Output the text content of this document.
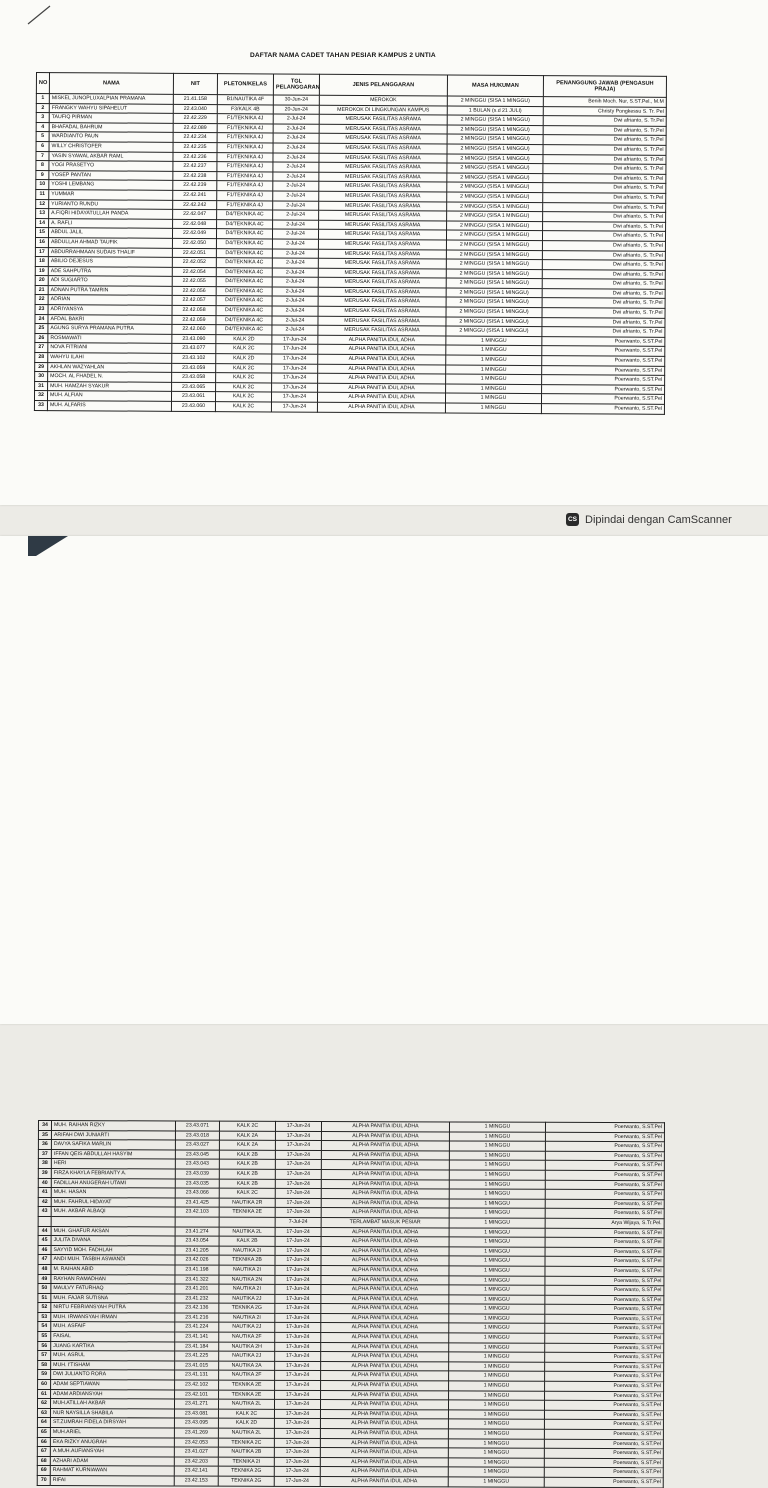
DAFTAR NAMA CADET TAHAN PESIAR KAMPUS 2 UNTIA
NO	NAMA	NIT	PLETON/KELAS	TGL PELANGGARAN	JENIS PELANGGARAN	MASA HUKUMAN	PENANGGUNG JAWAB (PENGASUH PRAJA)
1	MISKEL JUNOPLUXALPIAN PRAMANA	21.41.158	B1/NAUTIKA 4F	30-Jun-24	MEROKOK	2 MINGGU (SISA 1 MINGGU)	Benih Moch. Nur, S.ST.Pel., M.M
2	FRANGKY WAHYU SIPAHELUT	22.43.040	F3/KALK 4B	20-Jun-24	MEROKOK DI LINGKUNGAN KAMPUS	1 BULAN (s.d 21 JULI)	Christy Pongkessu S. Tr. Pel
3	TAUFIQ PIRMAN	22.42.229	F1/TEKNIKA 4J	2-Jul-24	MERUSAK FASILITAS ASRAMA	2 MINGGU (SISA 1 MINGGU)	Dwi afrianto, S. Tr.Pel
4	BHAFADAL BAHRUM	22.42.089	F1/TEKNIKA 4J	2-Jul-24	MERUSAK FASILITAS ASRAMA	2 MINGGU (SISA 1 MINGGU)	Dwi afrianto, S. Tr.Pel
5	WARDIANTO PAUN	22.42.234	F1/TEKNIKA 4J	2-Jul-24	MERUSAK FASILITAS ASRAMA	2 MINGGU (SISA 1 MINGGU)	Dwi afrianto, S. Tr.Pel
6	WILLY CHRISTOFER	22.42.235	F1/TEKNIKA 4J	2-Jul-24	MERUSAK FASILITAS ASRAMA	2 MINGGU (SISA 1 MINGGU)	Dwi afrianto, S. Tr.Pel
7	YASIN SYAWAL AKBAR RAML	22.42.236	F1/TEKNIKA 4J	2-Jul-24	MERUSAK FASILITAS ASRAMA	2 MINGGU (SISA 1 MINGGU)	Dwi afrianto, S. Tr.Pel
8	YOGI PRASETYO	22.42.237	F1/TEKNIKA 4J	2-Jul-24	MERUSAK FASILITAS ASRAMA	2 MINGGU (SISA 1 MINGGU)	Dwi afrianto, S. Tr.Pel
9	YOSEP PANTAN	22.42.238	F1/TEKNIKA 4J	2-Jul-24	MERUSAK FASILITAS ASRAMA	2 MINGGU (SISA 1 MINGGU)	Dwi afrianto, S. Tr.Pel
10	YOSHI LEMBANG	22.42.239	F1/TEKNIKA 4J	2-Jul-24	MERUSAK FASILITAS ASRAMA	2 MINGGU (SISA 1 MINGGU)	Dwi afrianto, S. Tr.Pel
11	YUMMAR	22.42.241	F1/TEKNIKA 4J	2-Jul-24	MERUSAK FASILITAS ASRAMA	2 MINGGU (SISA 1 MINGGU)	Dwi afrianto, S. Tr.Pel
12	YURIANTO RUNDU	22.42.242	F1/TEKNIKA 4J	2-Jul-24	MERUSAK FASILITAS ASRAMA	2 MINGGU (SISA 1 MINGGU)	Dwi afrianto, S. Tr.Pel
13	A.FIQRI HIDAYATULLAH PANDA	22.42.047	D4/TEKNIKA 4C	2-Jul-24	MERUSAK FASILITAS ASRAMA	2 MINGGU (SISA 1 MINGGU)	Dwi afrianto, S. Tr.Pel
14	A. RAFLI	22.42.048	D4/TEKNIKA 4C	2-Jul-24	MERUSAK FASILITAS ASRAMA	2 MINGGU (SISA 1 MINGGU)	Dwi afrianto, S. Tr.Pel
15	ABDUL JALIL	22.42.049	D4/TEKNIKA 4C	2-Jul-24	MERUSAK FASILITAS ASRAMA	2 MINGGU (SISA 1 MINGGU)	Dwi afrianto, S. Tr.Pel
16	ABDULLAH AHMAD TAUFIK	22.42.050	D4/TEKNIKA 4C	2-Jul-24	MERUSAK FASILITAS ASRAMA	2 MINGGU (SISA 1 MINGGU)	Dwi afrianto, S. Tr.Pel
17	ABDURRAHMAAN SUDAIS THALIF	22.42.051	D4/TEKNIKA 4C	2-Jul-24	MERUSAK FASILITAS ASRAMA	2 MINGGU (SISA 1 MINGGU)	Dwi afrianto, S. Tr.Pel
18	ABILIO DEJESUS	22.42.052	D4/TEKNIKA 4C	2-Jul-24	MERUSAK FASILITAS ASRAMA	2 MINGGU (SISA 1 MINGGU)	Dwi afrianto, S. Tr.Pel
19	ADE SAHPUTRA	22.42.054	D4/TEKNIKA 4C	2-Jul-24	MERUSAK FASILITAS ASRAMA	2 MINGGU (SISA 1 MINGGU)	Dwi afrianto, S. Tr.Pel
20	ADI SUGIARTO	22.42.055	D4/TEKNIKA 4C	2-Jul-24	MERUSAK FASILITAS ASRAMA	2 MINGGU (SISA 1 MINGGU)	Dwi afrianto, S. Tr.Pel
21	ADNAN PUTRA TAMRIN	22.42.056	D4/TEKNIKA 4C	2-Jul-24	MERUSAK FASILITAS ASRAMA	2 MINGGU (SISA 1 MINGGU)	Dwi afrianto, S. Tr.Pel
22	ADRIAN	22.42.057	D4/TEKNIKA 4C	2-Jul-24	MERUSAK FASILITAS ASRAMA	2 MINGGU (SISA 1 MINGGU)	Dwi afrianto, S. Tr.Pel
23	ADRIYANSYA	22.42.058	D4/TEKNIKA 4C	2-Jul-24	MERUSAK FASILITAS ASRAMA	2 MINGGU (SISA 1 MINGGU)	Dwi afrianto, S. Tr.Pel
24	AFDAL BAKRI	22.42.059	D4/TEKNIKA 4C	2-Jul-24	MERUSAK FASILITAS ASRAMA	2 MINGGU (SISA 1 MINGGU)	Dwi afrianto, S. Tr.Pel
25	AGUNG SURYA PRAMANA PUTRA	22.42.060	D4/TEKNIKA 4C	2-Jul-24	MERUSAK FASILITAS ASRAMA	2 MINGGU (SISA 1 MINGGU)	Dwi afrianto, S. Tr.Pel
26	ROSMAWATI	23.43.090	KALK 2D	17-Jun-24	ALPHA PANITIA IDUL ADHA	1 MINGGU	Poerwanto, S.ST.Pel
27	NOVA FITRIANI	23.43.077	KALK 2C	17-Jun-24	ALPHA PANITIA IDUL ADHA	1 MINGGU	Poerwanto, S.ST.Pel
28	WAHYU ILAHI	23.43.102	KALK 2D	17-Jun-24	ALPHA PANITIA IDUL ADHA	1 MINGGU	Poerwanto, S.ST.Pel
29	AKHLAN WAZYAHLAN	23.43.059	KALK 2C	17-Jun-24	ALPHA PANITIA IDUL ADHA	1 MINGGU	Poerwanto, S.ST.Pel
30	MOCH. AL FHADEL N.	23.43.058	KALK 2C	17-Jun-24	ALPHA PANITIA IDUL ADHA	1 MINGGU	Poerwanto, S.ST.Pel
31	MUH. HAMZAH SYAKUR	23.43.065	KALK 2C	17-Jun-24	ALPHA PANITIA IDUL ADHA	1 MINGGU	Poerwanto, S.ST.Pel
32	MUH. ALFIAN	23.43.061	KALK 2C	17-Jun-24	ALPHA PANITIA IDUL ADHA	1 MINGGU	Poerwanto, S.ST.Pel
33	MUH. ALFARIS	23.43.060	KALK 2C	17-Jun-24	ALPHA PANITIA IDUL ADHA	1 MINGGU	Poerwanto, S.ST.Pel
CS Dipindai dengan CamScanner
34	MUH. RAIHAN RIZKY	23.43.071	KALK 2C	17-Jun-24	ALPHA PANITIA IDUL ADHA	1 MINGGU	Poerwanto, S.ST.Pel
35	ARIFAH DWI JUNIARTI	23.43.018	KALK 2A	17-Jun-24	ALPHA PANITIA IDUL ADHA	1 MINGGU	Poerwanto, S.ST.Pel
36	DAVYA SAFIKA MARLIN	23.43.027	KALK 2A	17-Jun-24	ALPHA PANITIA IDUL ADHA	1 MINGGU	Poerwanto, S.ST.Pel
37	IFFAN QEIS ABDULLAH HASYIM	23.43.045	KALK 2B	17-Jun-24	ALPHA PANITIA IDUL ADHA	1 MINGGU	Poerwanto, S.ST.Pel
38	HERI	23.43.043	KALK 2B	17-Jun-24	ALPHA PANITIA IDUL ADHA	1 MINGGU	Poerwanto, S.ST.Pel
39	FIRZA KHAYLA FEBRIANTY A.	23.43.039	KALK 2B	17-Jun-24	ALPHA PANITIA IDUL ADHA	1 MINGGU	Poerwanto, S.ST.Pel
40	FADILLAH ANUGERAH UTAMI	23.43.035	KALK 2B	17-Jun-24	ALPHA PANITIA IDUL ADHA	1 MINGGU	Poerwanto, S.ST.Pel
41	MUH. HASAN	23.43.066	KALK 2C	17-Jun-24	ALPHA PANITIA IDUL ADHA	1 MINGGU	Poerwanto, S.ST.Pel
42	MUH. FAHRUL HIDAYAT	23.41.425	NAUTIKA 2R	17-Jun-24	ALPHA PANITIA IDUL ADHA	1 MINGGU	Poerwanto, S.ST.Pel
43	MUH. AKBAR ALBAQI	23.42.103	TEKNIKA 2E	17-Jun-24	ALPHA PANITIA IDUL ADHA	1 MINGGU	Poerwanto, S.ST.Pel
				7-Jul-24	TERLAMBAT MASUK PESIAR	1 MINGGU	Arya Wijaya, S.Tr.Pel.
44	MUH. GHAFUR AKSAN	23.41.274	NAUTIKA 2L	17-Jun-24	ALPHA PANITIA IDUL ADHA	1 MINGGU	Poerwanto, S.ST.Pel
45	JULITA DIVANA	23.43.054	KALK 2B	17-Jun-24	ALPHA PANITIA IDUL ADHA	1 MINGGU	Poerwanto, S.ST.Pel
46	SAYYID MOH. FADHLAH	23.41.205	NAUTIKA 2I	17-Jun-24	ALPHA PANITIA IDUL ADHA	1 MINGGU	Poerwanto, S.ST.Pel
47	ANDI MUH. TASBIH ASWANDI	23.42.026	TEKNIKA 2B	17-Jun-24	ALPHA PANITIA IDUL ADHA	1 MINGGU	Poerwanto, S.ST.Pel
48	M. RAIHAN ABID	23.41.198	NAUTIKA 2I	17-Jun-24	ALPHA PANITIA IDUL ADHA	1 MINGGU	Poerwanto, S.ST.Pel
49	RAYHAN RAMADHAN	23.41.322	NAUTIKA 2N	17-Jun-24	ALPHA PANITIA IDUL ADHA	1 MINGGU	Poerwanto, S.ST.Pel
50	MAULVY FATURHAQ	23.41.201	NAUTIKA 2I	17-Jun-24	ALPHA PANITIA IDUL ADHA	1 MINGGU	Poerwanto, S.ST.Pel
51	MUH. FAJAR SUTISNA	23.41.232	NAUTIKA 2J	17-Jun-24	ALPHA PANITIA IDUL ADHA	1 MINGGU	Poerwanto, S.ST.Pel
52	NIRTU FEBRIANSYAH PUTRA	23.42.136	TEKNIKA 2G	17-Jun-24	ALPHA PANITIA IDUL ADHA	1 MINGGU	Poerwanto, S.ST.Pel
53	MUH. IRWANSYAH IRMAN	23.41.216	NAUTIKA 2I	17-Jun-24	ALPHA PANITIA IDUL ADHA	1 MINGGU	Poerwanto, S.ST.Pel
54	MUH. ASFAIF	23.41.224	NAUTIKA 2J	17-Jun-24	ALPHA PANITIA IDUL ADHA	1 MINGGU	Poerwanto, S.ST.Pel
55	FAISAL	23.41.141	NAUTIKA 2F	17-Jun-24	ALPHA PANITIA IDUL ADHA	1 MINGGU	Poerwanto, S.ST.Pel
56	JUANG KARTIKA	23.41.184	NAUTIKA 2H	17-Jun-24	ALPHA PANITIA IDUL ADHA	1 MINGGU	Poerwanto, S.ST.Pel
57	MUH. ASRUL	23.41.225	NAUTIKA 2J	17-Jun-24	ALPHA PANITIA IDUL ADHA	1 MINGGU	Poerwanto, S.ST.Pel
58	MUH. I'TISHAM	23.41.015	NAUTIKA 2A	17-Jun-24	ALPHA PANITIA IDUL ADHA	1 MINGGU	Poerwanto, S.ST.Pel
59	DWI JULIANTO RORA	23.41.131	NAUTIKA 2F	17-Jun-24	ALPHA PANITIA IDUL ADHA	1 MINGGU	Poerwanto, S.ST.Pel
60	ADAM SEPTIAWAN	23.42.102	TEKNIKA 2E	17-Jun-24	ALPHA PANITIA IDUL ADHA	1 MINGGU	Poerwanto, S.ST.Pel
61	ADAM ARDIANSYAH	23.42.101	TEKNIKA 2E	17-Jun-24	ALPHA PANITIA IDUL ADHA	1 MINGGU	Poerwanto, S.ST.Pel
62	MUH.ATILLAH AKBAR	23.41.271	NAUTIKA 2L	17-Jun-24	ALPHA PANITIA IDUL ADHA	1 MINGGU	Poerwanto, S.ST.Pel
63	NUR NAYSILLA SHABILA	23.43.081	KALK 2C	17-Jun-24	ALPHA PANITIA IDUL ADHA	1 MINGGU	Poerwanto, S.ST.Pel
64	ST.ZUMRAH FIDELA DIRSYAH	23.43.095	KALK 2D	17-Jun-24	ALPHA PANITIA IDUL ADHA	1 MINGGU	Poerwanto, S.ST.Pel
65	MUH.ARIEL	23.41.269	NAUTIKA 2L	17-Jun-24	ALPHA PANITIA IDUL ADHA	1 MINGGU	Poerwanto, S.ST.Pel
66	EKA RIZKY ANUGRAH	23.42.053	TEKNIKA 2C	17-Jun-24	ALPHA PANITIA IDUL ADHA	1 MINGGU	Poerwanto, S.ST.Pel
67	A.MUH.AUFIANSYAH	23.41.027	NAUTIKA 2B	17-Jun-24	ALPHA PANITIA IDUL ADHA	1 MINGGU	Poerwanto, S.ST.Pel
68	AZHARI ADAM	23.42.203	TEKNIKA 2I	17-Jun-24	ALPHA PANITIA IDUL ADHA	1 MINGGU	Poerwanto, S.ST.Pel
69	RAHMAT KURNIAWAN	23.42.141	TEKNIKA 2G	17-Jun-24	ALPHA PANITIA IDUL ADHA	1 MINGGU	Poerwanto, S.ST.Pel
70	RIFAI	23.42.153	TEKNIKA 2G	17-Jun-24	ALPHA PANITIA IDUL ADHA	1 MINGGU	Poerwanto, S.ST.Pel
